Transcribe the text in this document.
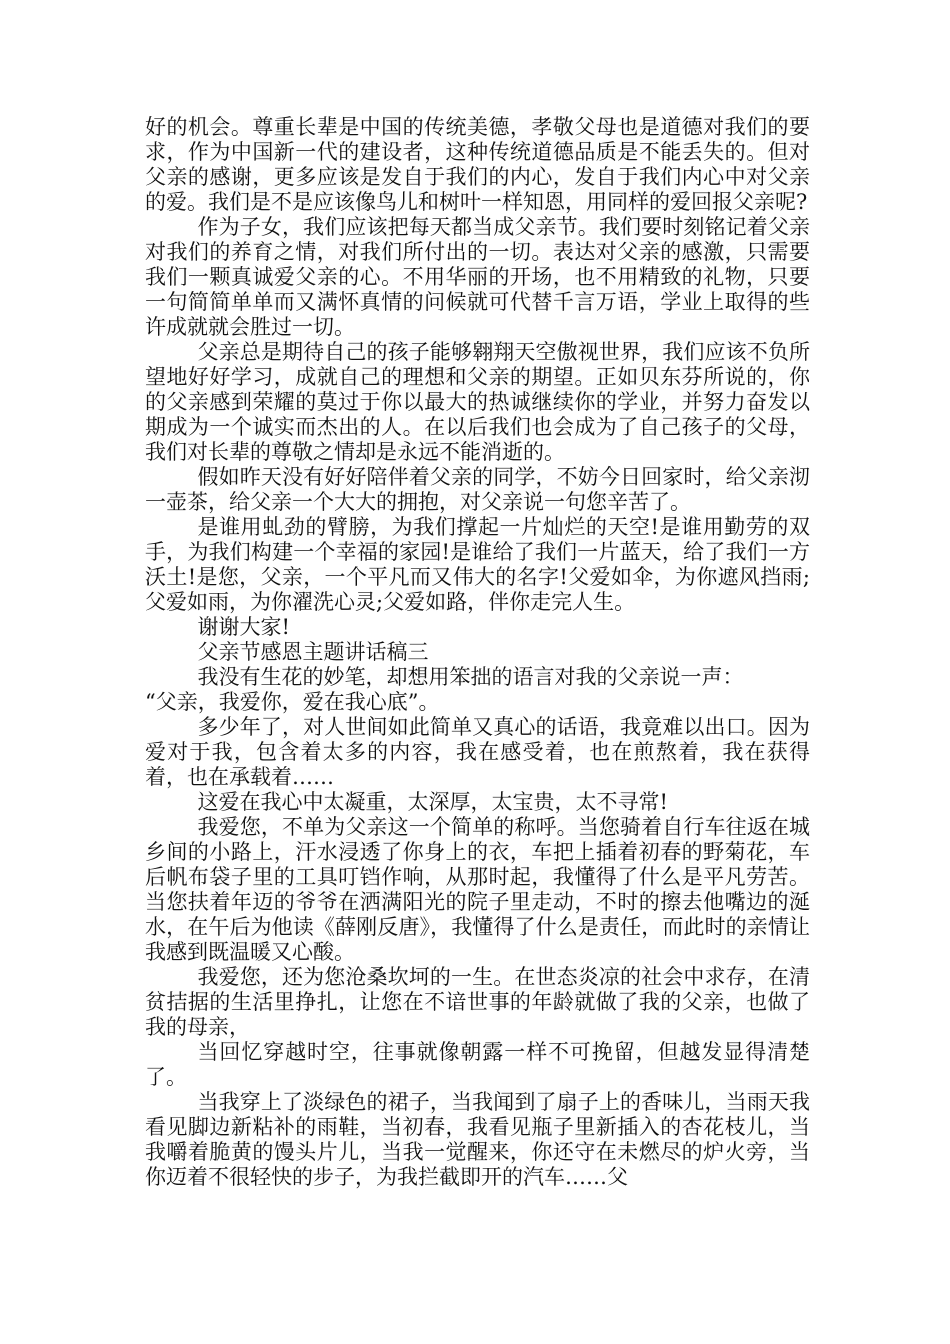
好的机会。尊重长辈是中国的传统美德，孝敬父母也是道德对我们的要求，作为中国新一代的建设者，这种传统道德品质是不能丢失的。但对父亲的感谢，更多应该是发自于我们的内心，发自于我们内心中对父亲的爱。我们是不是应该像鸟儿和树叶一样知恩，用同样的爱回报父亲呢?

作为子女，我们应该把每天都当成父亲节。我们要时刻铭记着父亲对我们的养育之情，对我们所付出的一切。表达对父亲的感激，只需要我们一颗真诚爱父亲的心。不用华丽的开场，也不用精致的礼物，只要一句简简单单而又满怀真情的问候就可代替千言万语，学业上取得的些许成就就会胜过一切。

父亲总是期待自己的孩子能够翱翔天空傲视世界，我们应该不负所望地好好学习，成就自己的理想和父亲的期望。正如贝东芬所说的，你的父亲感到荣耀的莫过于你以最大的热诚继续你的学业，并努力奋发以期成为一个诚实而杰出的人。在以后我们也会成为了自己孩子的父母，我们对长辈的尊敬之情却是永远不能消逝的。

假如昨天没有好好陪伴着父亲的同学，不妨今日回家时，给父亲沏一壶茶，给父亲一个大大的拥抱，对父亲说一句您辛苦了。

是谁用虬劲的臂膀，为我们撑起一片灿烂的天空!是谁用勤劳的双手，为我们构建一个幸福的家园!是谁给了我们一片蓝天，给了我们一方沃土!是您，父亲，一个平凡而又伟大的名字!父爱如伞，为你遮风挡雨;父爱如雨，为你濯洗心灵;父爱如路，伴你走完人生。

谢谢大家!

父亲节感恩主题讲话稿三

我没有生花的妙笔，却想用笨拙的语言对我的父亲说一声：

“父亲，我爱你，爱在我心底”。

多少年了，对人世间如此简单又真心的话语，我竟难以出口。因为爱对于我，包含着太多的内容，我在感受着，也在煎熬着，我在获得着，也在承载着……

这爱在我心中太凝重，太深厚，太宝贵，太不寻常!

我爱您，不单为父亲这一个简单的称呼。当您骑着自行车往返在城乡间的小路上，汗水浸透了你身上的衣，车把上插着初春的野菊花，车后帆布袋子里的工具叮铛作响，从那时起，我懂得了什么是平凡劳苦。当您扶着年迈的爷爷在洒满阳光的院子里走动，不时的擦去他嘴边的涎水，在午后为他读《薛刚反唐》，我懂得了什么是责任，而此时的亲情让我感到既温暖又心酸。

我爱您，还为您沧桑坎坷的一生。在世态炎凉的社会中求存，在清贫拮据的生活里挣扎，让您在不谙世事的年龄就做了我的父亲，也做了我的母亲，

当回忆穿越时空，往事就像朝露一样不可挽留，但越发显得清楚了。

当我穿上了淡绿色的裙子，当我闻到了扇子上的香味儿，当雨天我看见脚边新粘补的雨鞋，当初春，我看见瓶子里新插入的杏花枝儿，当我嚼着脆黄的馒头片儿，当我一觉醒来，你还守在未燃尽的炉火旁，当你迈着不很轻快的步子，为我拦截即开的汽车……父
